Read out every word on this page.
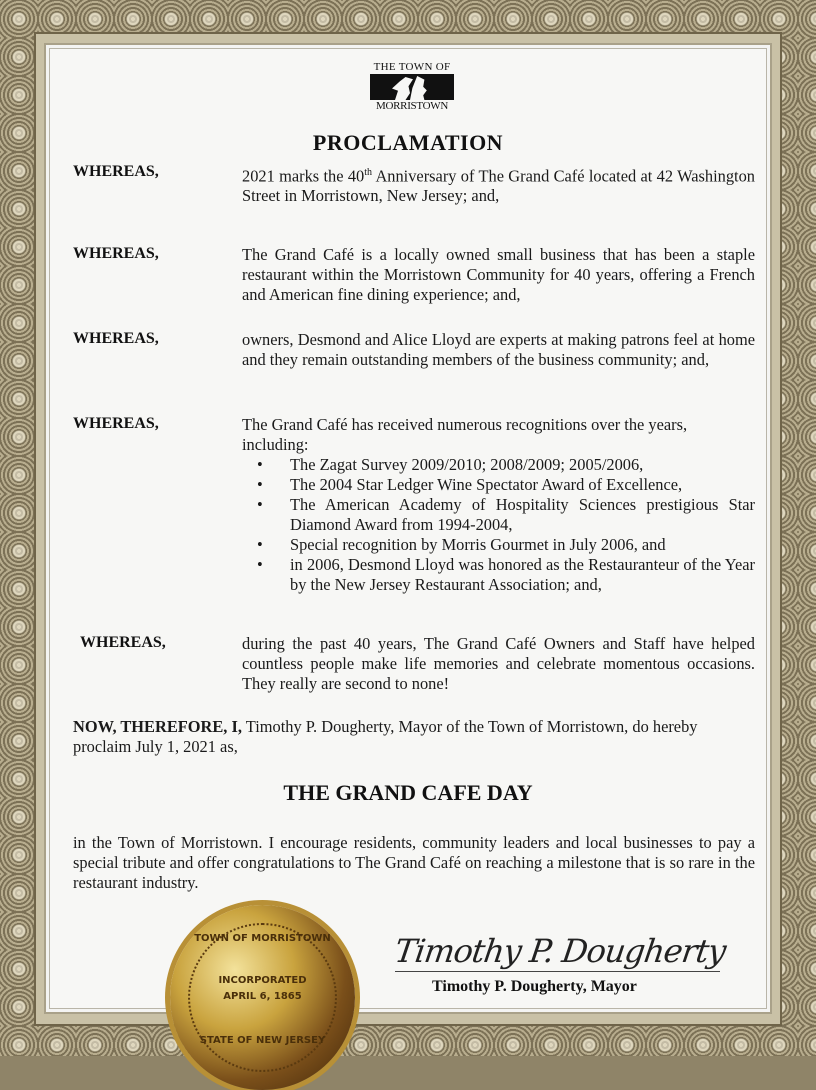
THE TOWN OF
MORRISTOWN
PROCLAMATION
WHEREAS,	2021 marks the 40th Anniversary of The Grand Café located at 42 Washington Street in Morristown, New Jersey; and,
WHEREAS,	The Grand Café is a locally owned small business that has been a staple restaurant within the Morristown Community for 40 years, offering a French and American fine dining experience; and,
WHEREAS,	owners, Desmond and Alice Lloyd are experts at making patrons feel at home and they remain outstanding members of the business community; and,
WHEREAS,	The Grand Café has received numerous recognitions over the years, including:
• The Zagat Survey 2009/2010; 2008/2009; 2005/2006,
• The 2004 Star Ledger Wine Spectator Award of Excellence,
• The American Academy of Hospitality Sciences prestigious Star Diamond Award from 1994-2004,
• Special recognition by Morris Gourmet in July 2006, and
• in 2006, Desmond Lloyd was honored as the Restauranteur of the Year by the New Jersey Restaurant Association; and,
WHEREAS,	during the past 40 years, The Grand Café Owners and Staff have helped countless people make life memories and celebrate momentous occasions. They really are second to none!
NOW, THEREFORE, I, Timothy P. Dougherty, Mayor of the Town of Morristown, do hereby proclaim July 1, 2021 as,
THE GRAND CAFE DAY
in the Town of Morristown. I encourage residents, community leaders and local businesses to pay a special tribute and offer congratulations to The Grand Café on reaching a milestone that is so rare in the restaurant industry.
TOWN OF MORRISTOWN
INCORPORATED
APRIL 6, 1865
STATE OF NEW JERSEY
Timothy P. Dougherty
Timothy P. Dougherty, Mayor
